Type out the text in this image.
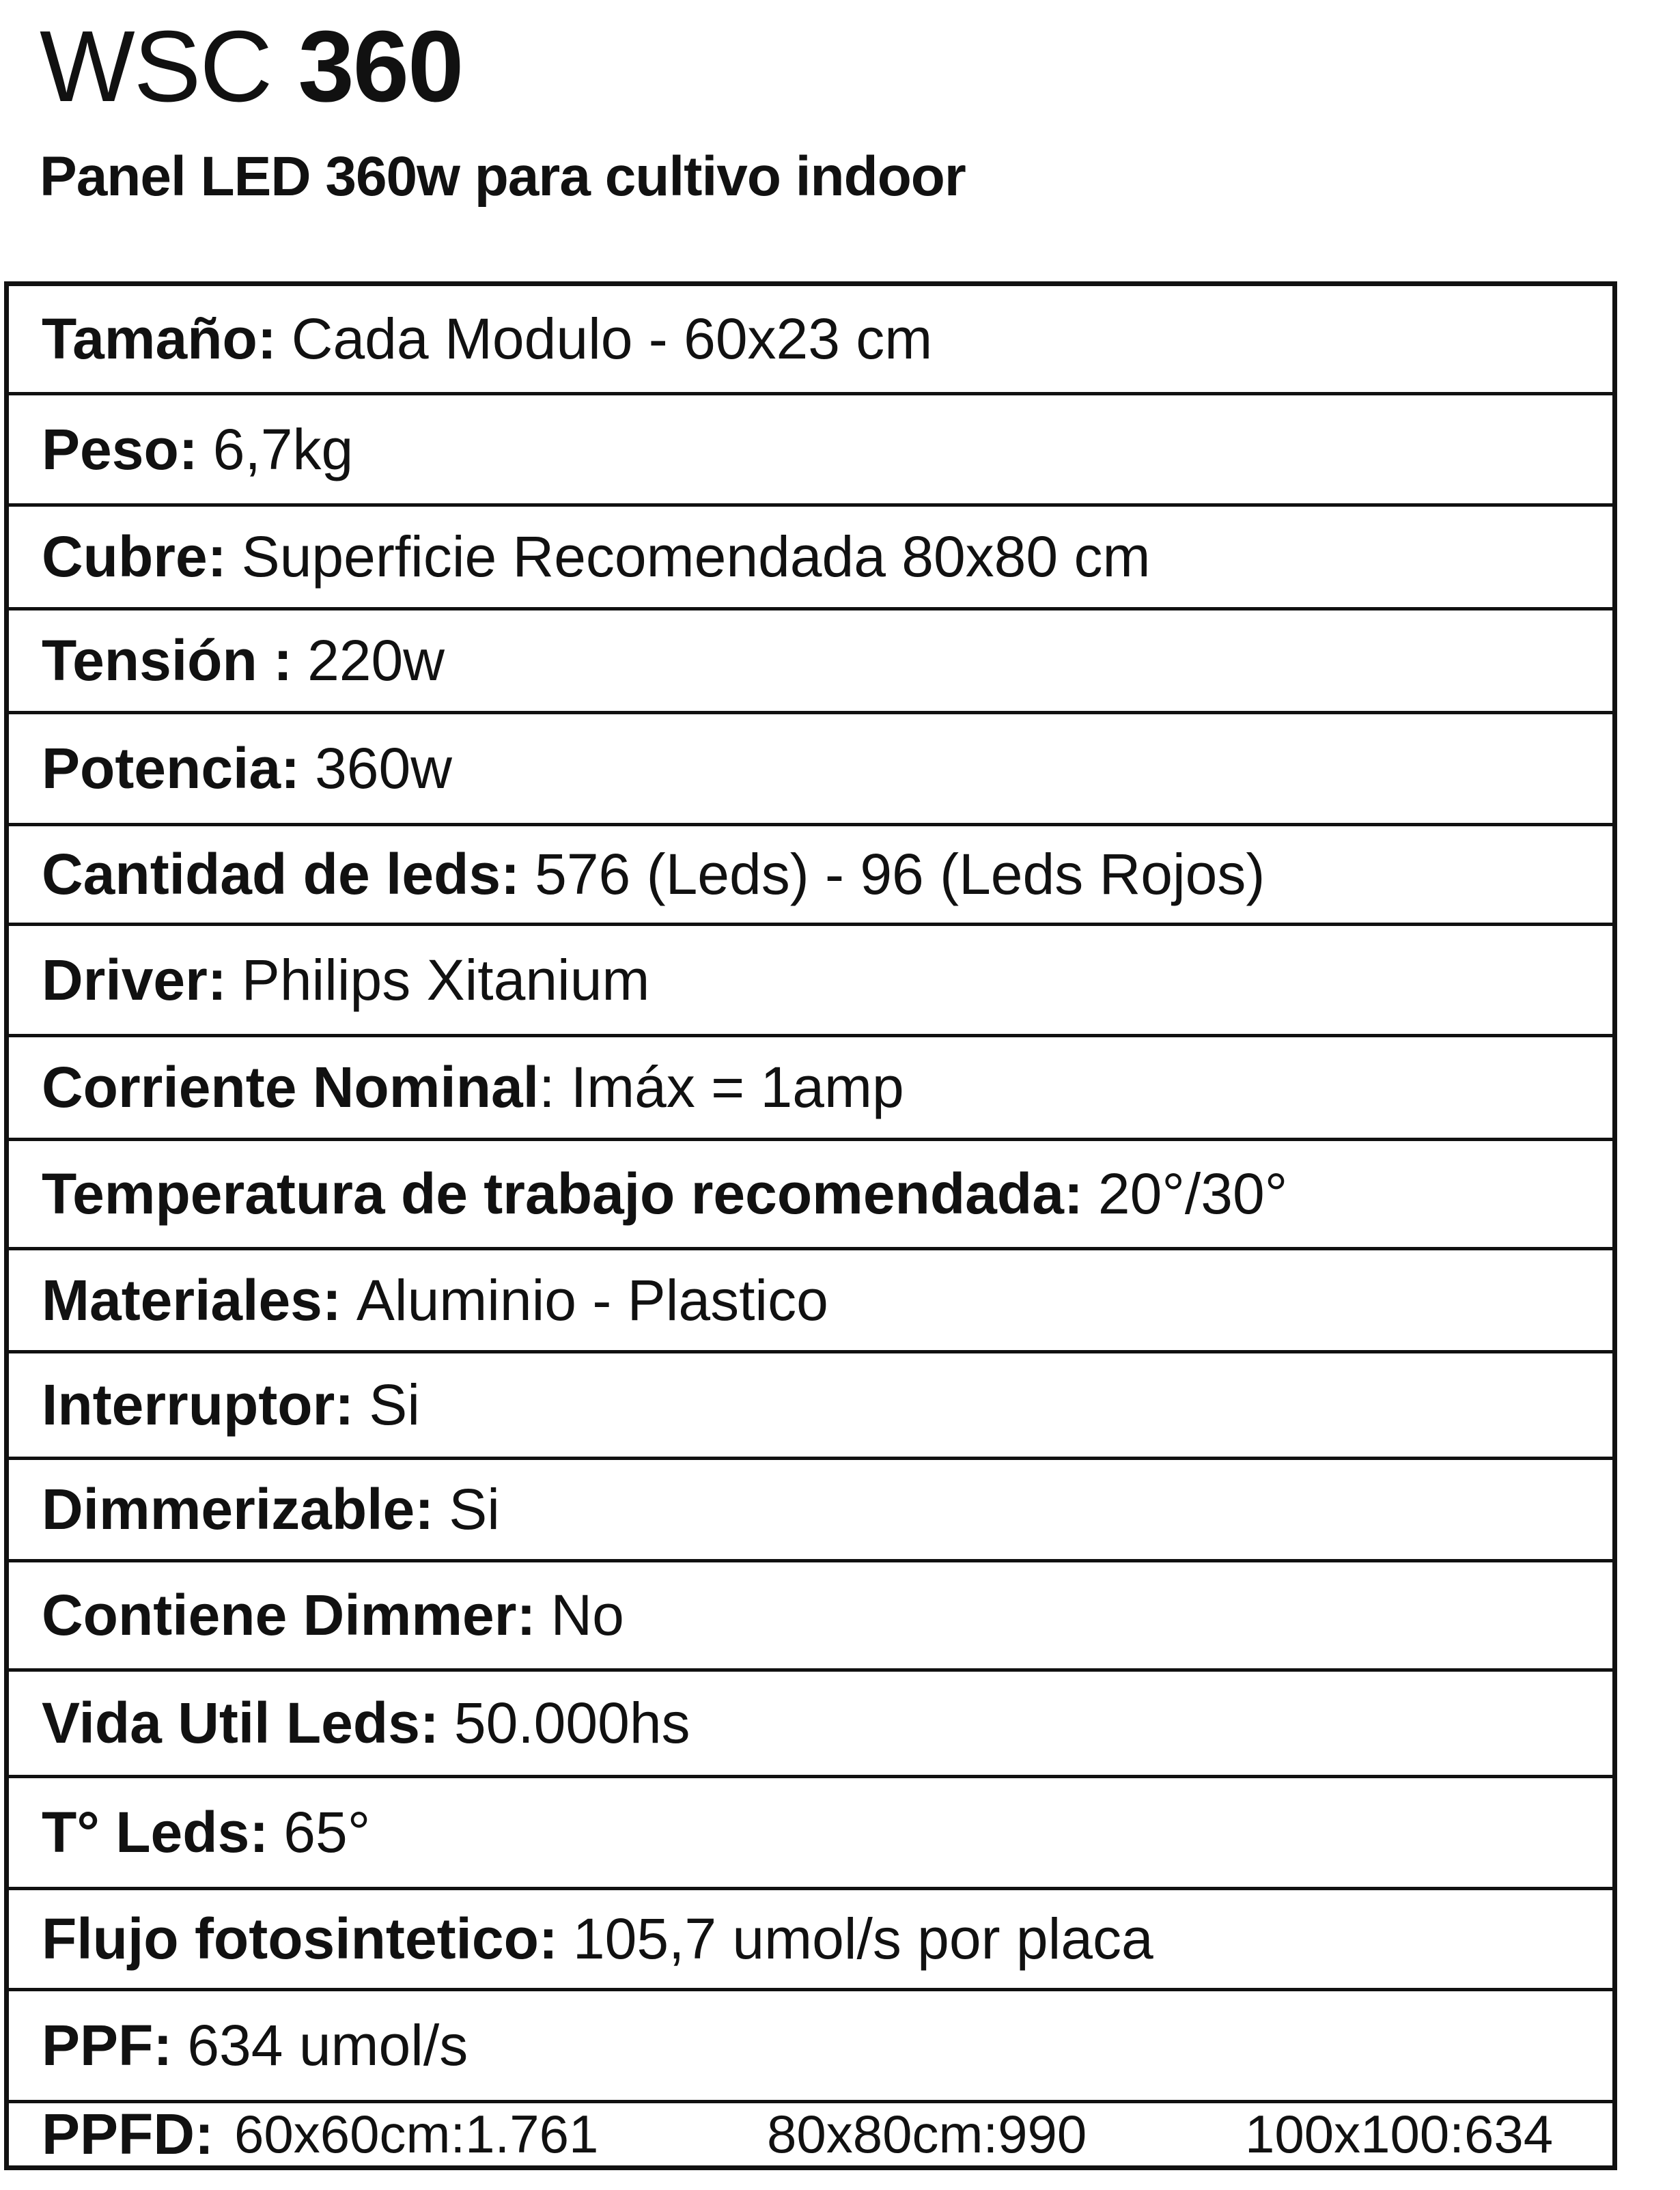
WSC 360
Panel LED 360w para cultivo indoor
Tamaño: Cada Modulo - 60x23 cm
Peso: 6,7kg
Cubre: Superficie Recomendada 80x80 cm
Tensión : 220w
Potencia: 360w
Cantidad de leds: 576 (Leds) - 96 (Leds Rojos)
Driver: Philips Xitanium
Corriente Nominal : Imáx = 1amp
Temperatura de trabajo recomendada: 20°/30°
Materiales: Aluminio - Plastico
Interruptor: Si
Dimmerizable: Si
Contiene Dimmer: No
Vida Util Leds: 50.000hs
T° Leds: 65°
Flujo fotosintetico: 105,7 umol/s por placa
PPF: 634 umol/s
PPFD: 60x60cm:1.761	80x80cm:990	100x100:634
